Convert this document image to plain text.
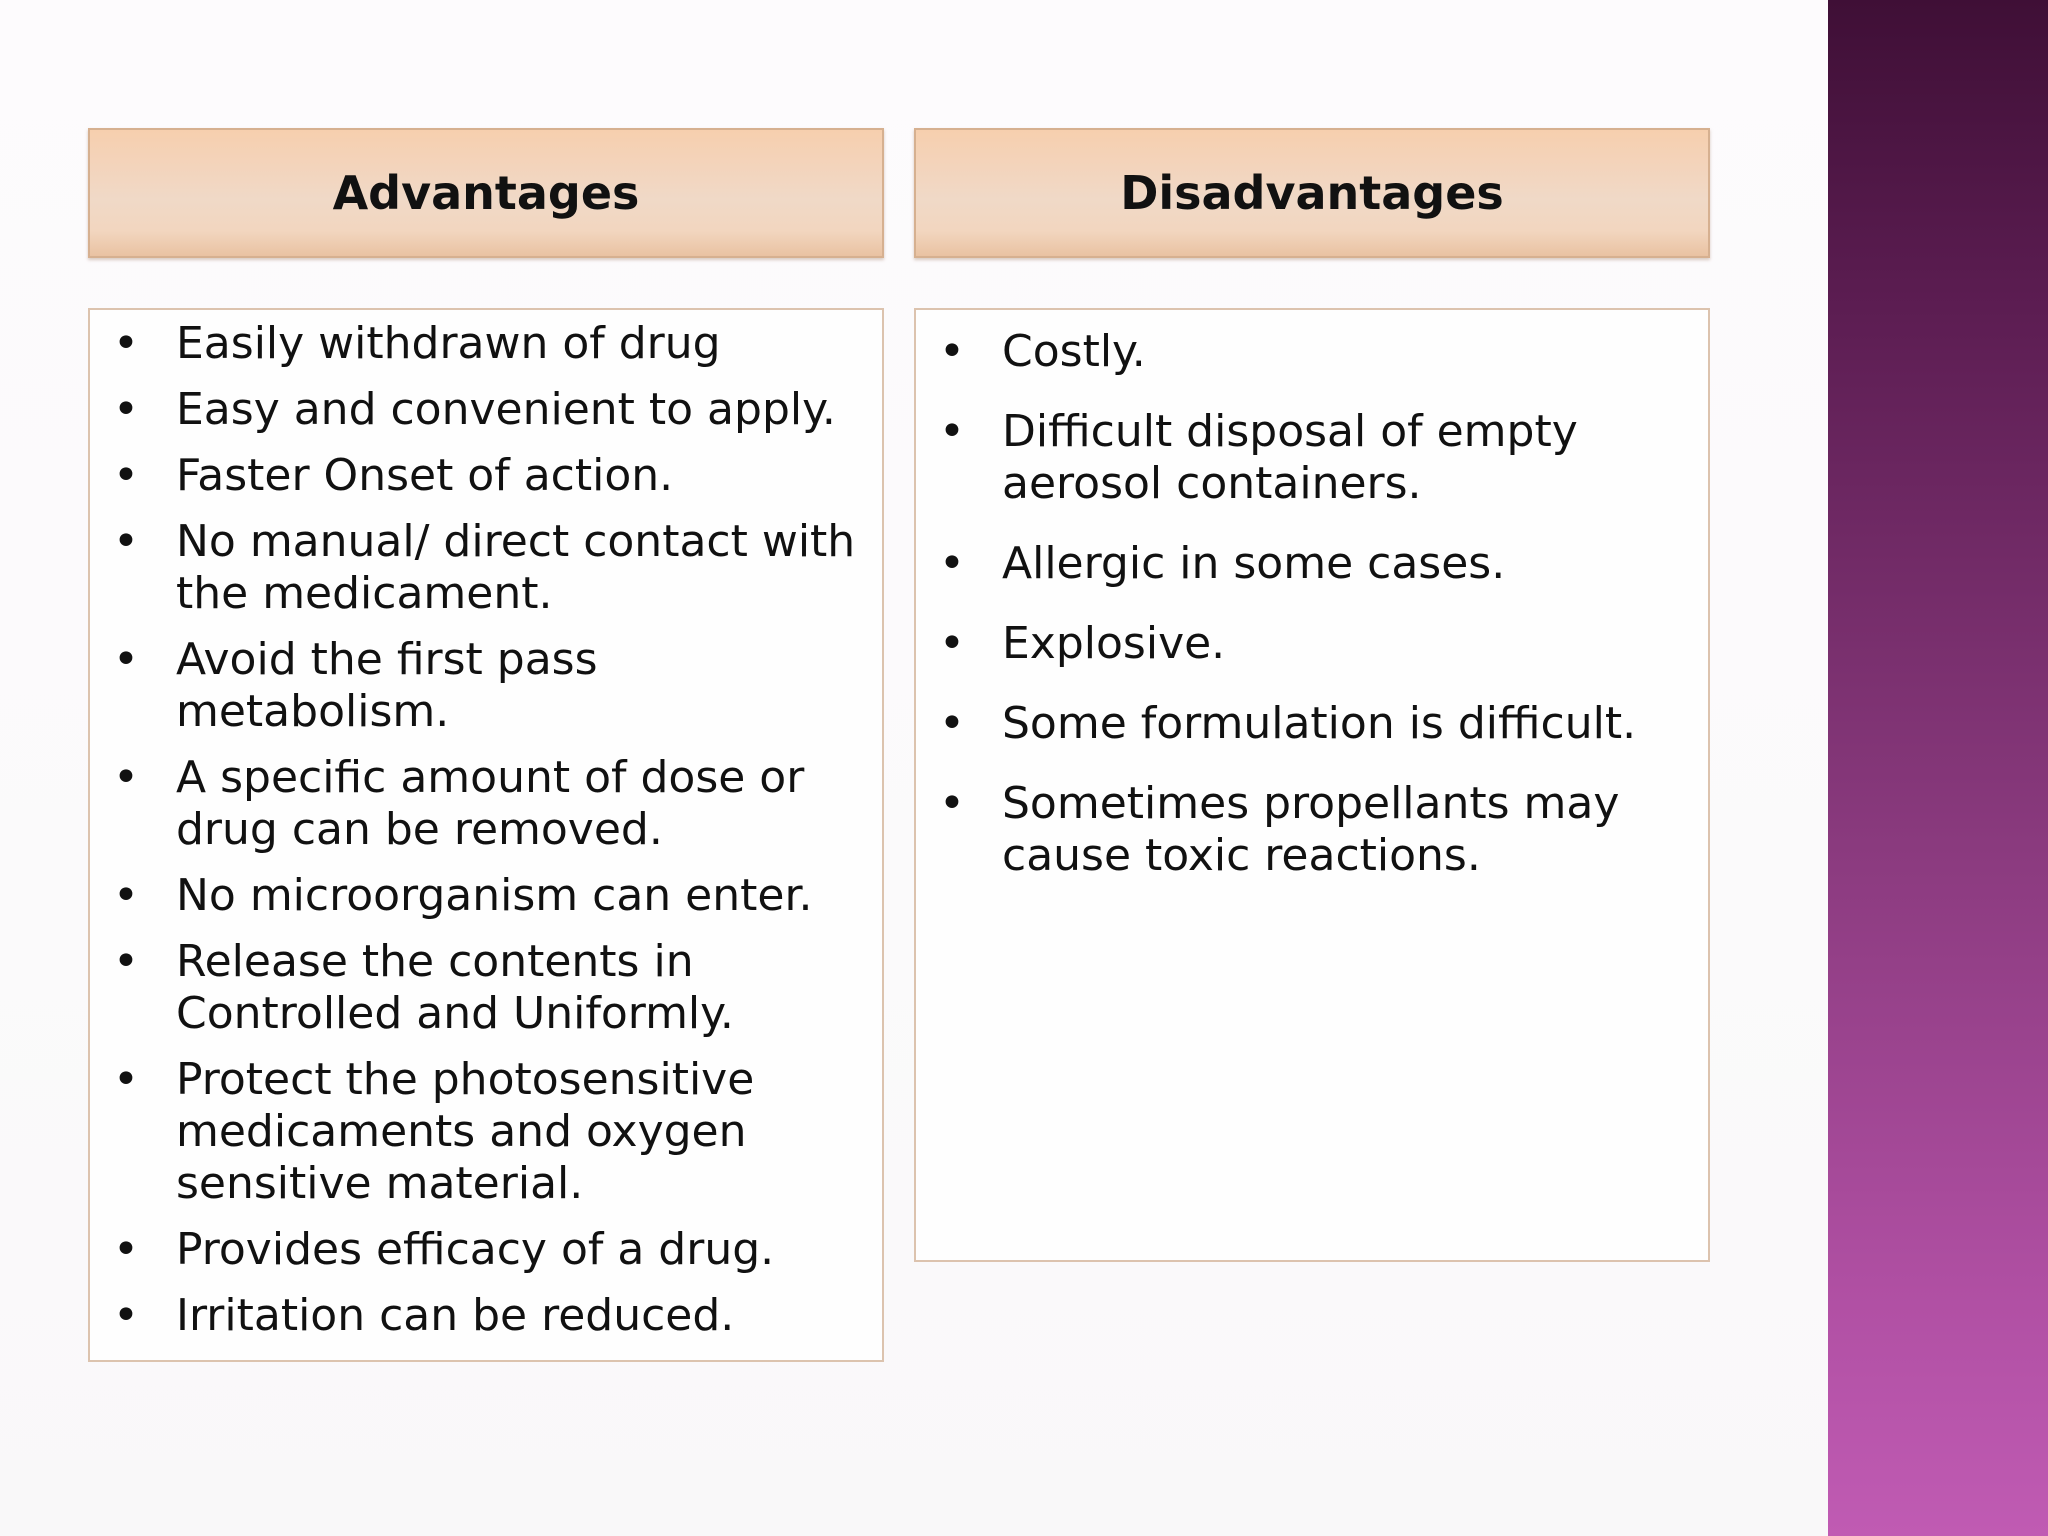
Advantages	Disadvantages
• Easily withdrawn of drug
• Easy and convenient to apply.
• Faster Onset of action.
• No manual/ direct contact with the medicament.
• Avoid the first pass metabolism.
• A specific amount of dose or drug can be removed.
• No microorganism can enter.
• Release the contents in Controlled and Uniformly.
• Protect the photosensitive medicaments and oxygen sensitive material.
• Provides efficacy of a drug.
• Irritation can be reduced.
• Costly.
• Difficult disposal of empty aerosol containers.
• Allergic in some cases.
• Explosive.
• Some formulation is difficult.
• Sometimes propellants may cause toxic reactions.
